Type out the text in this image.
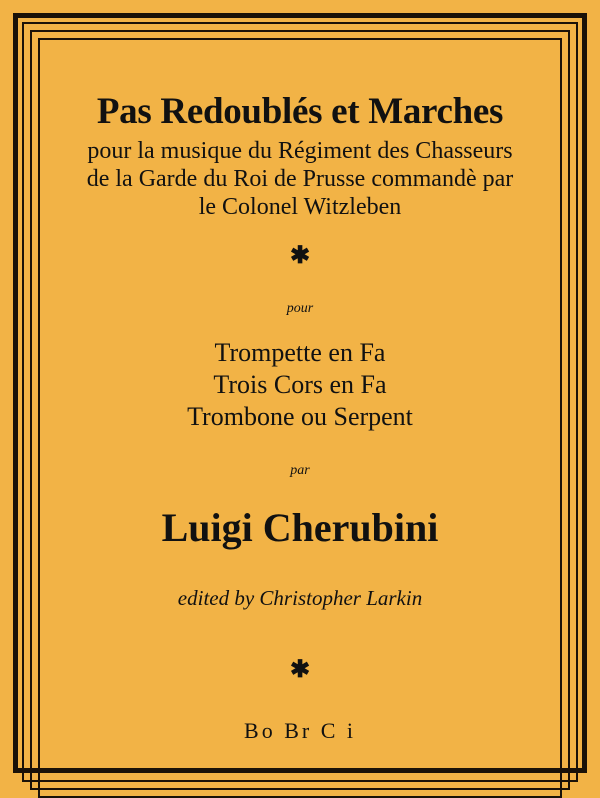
Pas Redoublés et Marches
pour la musique du Régiment des Chasseurs
de la Garde du Roi de Prusse commandè par
le Colonel Witzleben
✱
pour
Trompette en Fa
Trois Cors en Fa
Trombone ou Serpent
par
Luigi Cherubini
edited by Christopher Larkin
✱
Bo Br C i
